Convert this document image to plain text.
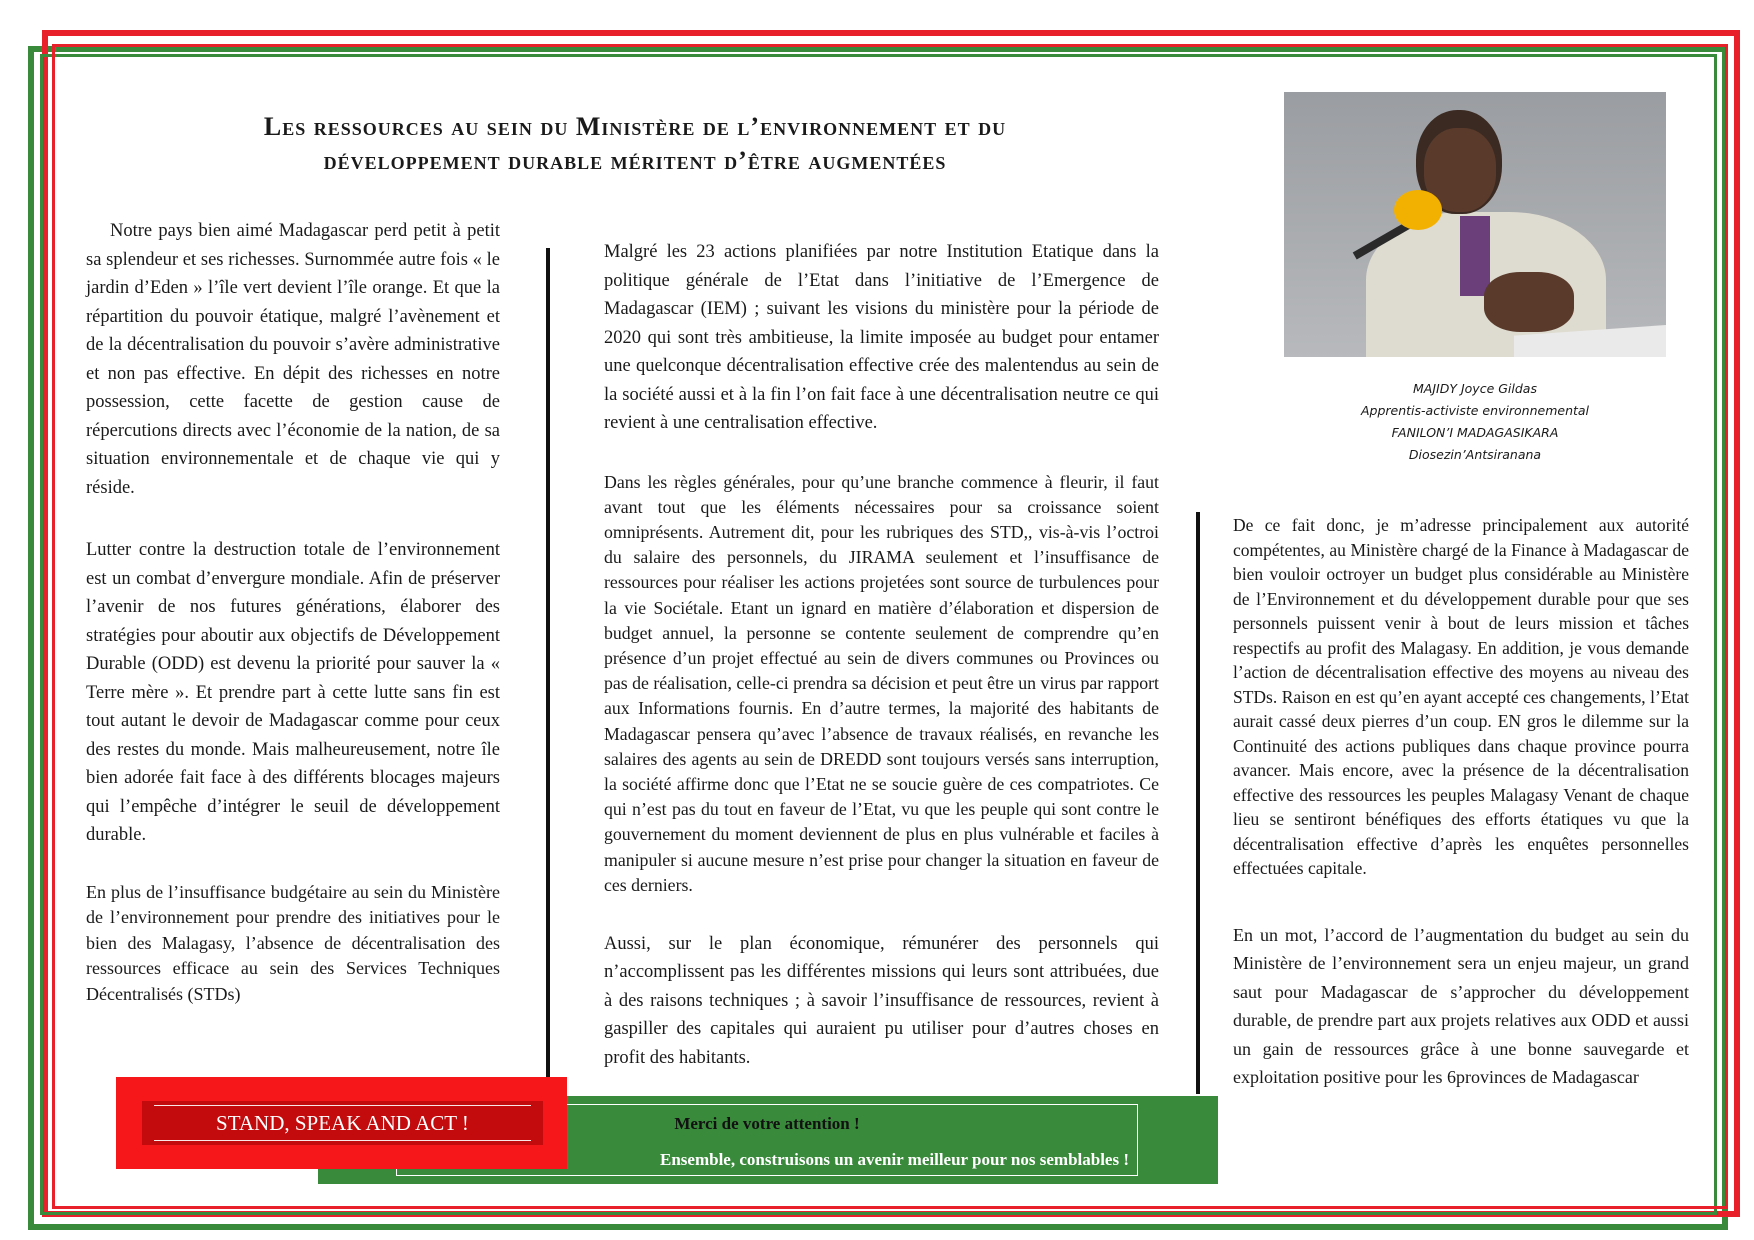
Les ressources au sein du Ministère de l’environnement et du
développement durable méritent d’être augmentées

Notre pays bien aimé Madagascar perd petit à petit sa splendeur et ses richesses. Surnommée autre fois « le jardin d’Eden » l’île vert devient l’île orange. Et que la répartition du pouvoir étatique, malgré l’avènement et de la décentralisation du pouvoir s’avère administrative et non pas effective. En dépit des richesses en notre possession, cette facette de gestion cause de répercutions directs avec l’économie de la nation, de sa situation environnementale et de chaque vie qui y réside.

Lutter contre la destruction totale de l’environnement est un combat d’envergure mondiale. Afin de préserver l’avenir de nos futures générations, élaborer des stratégies pour aboutir aux objectifs de Développement Durable (ODD) est devenu la priorité pour sauver la « Terre mère ». Et prendre part à cette lutte sans fin est tout autant le devoir de Madagascar comme pour ceux des restes du monde. Mais malheureusement, notre île bien adorée fait face à des différents blocages majeurs qui l’empêche d’intégrer le seuil de développement durable.

En plus de l’insuffisance budgétaire au sein du Ministère de l’environnement pour prendre des initiatives pour le bien des Malagasy, l’absence de décentralisation des ressources efficace au sein des Services Techniques Décentralisés (STDs)

Malgré les 23 actions planifiées par notre Institution Etatique dans la politique générale de l’Etat dans l’initiative de l’Emergence de Madagascar (IEM) ; suivant les visions du ministère pour la période de 2020 qui sont très ambitieuse, la limite imposée au budget pour entamer une quelconque décentralisation effective crée des malentendus au sein de la société aussi et à la fin l’on fait face à une décentralisation neutre ce qui revient à une centralisation effective.

Dans les règles générales, pour qu’une branche commence à fleurir, il faut avant tout que les éléments nécessaires pour sa croissance soient omniprésents. Autrement dit, pour les rubriques des STD,, vis-à-vis l’octroi du salaire des personnels, du JIRAMA seulement et l’insuffisance de ressources pour réaliser les actions projetées sont source de turbulences pour la vie Sociétale. Etant un ignard en matière d’élaboration et dispersion de budget annuel, la personne se contente seulement de comprendre qu’en présence d’un projet effectué au sein de divers communes ou Provinces ou pas de réalisation, celle-ci prendra sa décision et peut être un virus par rapport aux Informations fournis. En d’autre termes, la majorité des habitants de Madagascar pensera qu’avec l’absence de travaux réalisés, en revanche les salaires des agents au sein de DREDD sont toujours versés sans interruption, la société affirme donc que l’Etat ne se soucie guère de ces compatriotes. Ce qui n’est pas du tout en faveur de l’Etat, vu que les peuple qui sont contre le gouvernement du moment deviennent de plus en plus vulnérable et faciles à manipuler si aucune mesure n’est prise pour changer la situation en faveur de ces derniers.

Aussi, sur le plan économique, rémunérer des personnels qui n’accomplissent pas les différentes missions qui leurs sont attribuées, due à des raisons techniques ; à savoir l’insuffisance de ressources, revient à gaspiller des capitales qui auraient pu utiliser pour d’autres choses en profit des habitants.

MAJIDY Joyce Gildas
Apprentis-activiste environnemental
FANILON’I MADAGASIKARA
Diosezin’Antsiranana

De ce fait donc, je m’adresse principalement aux autorité compétentes, au Ministère chargé de la Finance à Madagascar de bien vouloir octroyer un budget plus considérable au Ministère de l’Environnement et du développement durable pour que ses personnels puissent venir à bout de leurs mission et tâches respectifs au profit des Malagasy. En addition, je vous demande l’action de décentralisation effective des moyens au niveau des STDs. Raison en est qu’en ayant accepté ces changements, l’Etat aurait cassé deux pierres d’un coup. EN gros le dilemme sur la Continuité des actions publiques dans chaque province pourra avancer. Mais encore, avec la présence de la décentralisation effective des ressources les peuples Malagasy Venant de chaque lieu se sentiront bénéfiques des efforts étatiques vu que la décentralisation effective d’après les enquêtes personnelles effectuées capitale.

En un mot, l’accord de l’augmentation du budget au sein du Ministère de l’environnement sera un enjeu majeur, un grand saut pour Madagascar de s’approcher du développement durable, de prendre part aux projets relatives aux ODD et aussi un gain de ressources grâce à une bonne sauvegarde et exploitation positive pour les 6provinces de Madagascar

Merci de votre attention !
Ensemble, construisons un avenir meilleur pour nos semblables !
STAND, SPEAK AND ACT !
